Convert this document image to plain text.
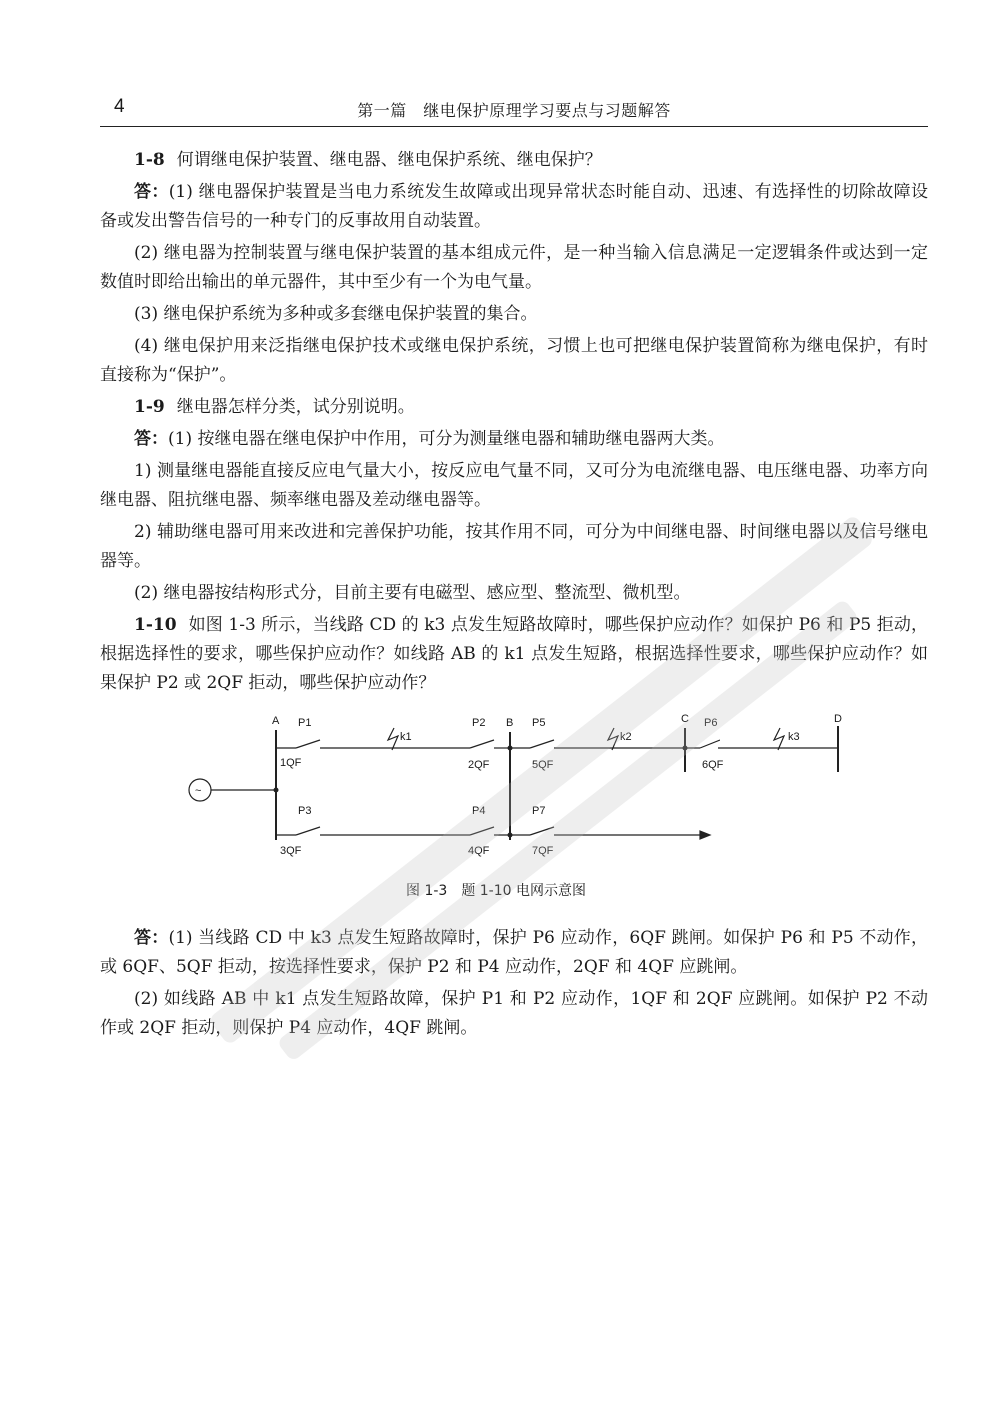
4	第一篇　继电保护原理学习要点与习题解答

1-8 何谓继电保护装置、继电器、继电保护系统、继电保护？

答：(1) 继电器保护装置是当电力系统发生故障或出现异常状态时能自动、迅速、有选择性的切除故障设备或发出警告信号的一种专门的反事故用自动装置。

(2) 继电器为控制装置与继电保护装置的基本组成元件，是一种当输入信息满足一定逻辑条件或达到一定数值时即给出输出的单元器件，其中至少有一个为电气量。

(3) 继电保护系统为多种或多套继电保护装置的集合。

(4) 继电保护用来泛指继电保护技术或继电保护系统，习惯上也可把继电保护装置简称为继电保护，有时直接称为“保护”。

1-9 继电器怎样分类，试分别说明。

答：(1) 按继电器在继电保护中作用，可分为测量继电器和辅助继电器两大类。

1) 测量继电器能直接反应电气量大小，按反应电气量不同，又可分为电流继电器、电压继电器、功率方向继电器、阻抗继电器、频率继电器及差动继电器等。

2) 辅助继电器可用来改进和完善保护功能，按其作用不同，可分为中间继电器、时间继电器以及信号继电器等。

(2) 继电器按结构形式分，目前主要有电磁型、感应型、整流型、微机型。

1-10 如图 1-3 所示，当线路 CD 的 k3 点发生短路故障时，哪些保护应动作？如保护 P6 和 P5 拒动，根据选择性的要求，哪些保护应动作？如线路 AB 的 k1 点发生短路，根据选择性要求，哪些保护应动作？如果保护 P2 或 2QF 拒动，哪些保护应动作？

A	B	C
~
P1	P2	P5
P3	P4	P7
1QF	2QF	5QF
3QF	4QF	7QF
k1	k2
D
k3
P6
6QF
图 1-3　题 1-10 电网示意图

答：(1) 当线路 CD 中 k3 点发生短路故障时，保护 P6 应动作，6QF 跳闸。如保护 P6 和 P5 不动作，或 6QF、5QF 拒动，按选择性要求，保护 P2 和 P4 应动作，2QF 和 4QF 应跳闸。

(2) 如线路 AB 中 k1 点发生短路故障，保护 P1 和 P2 应动作，1QF 和 2QF 应跳闸。如保护 P2 不动作或 2QF 拒动，则保护 P4 应动作，4QF 跳闸。
